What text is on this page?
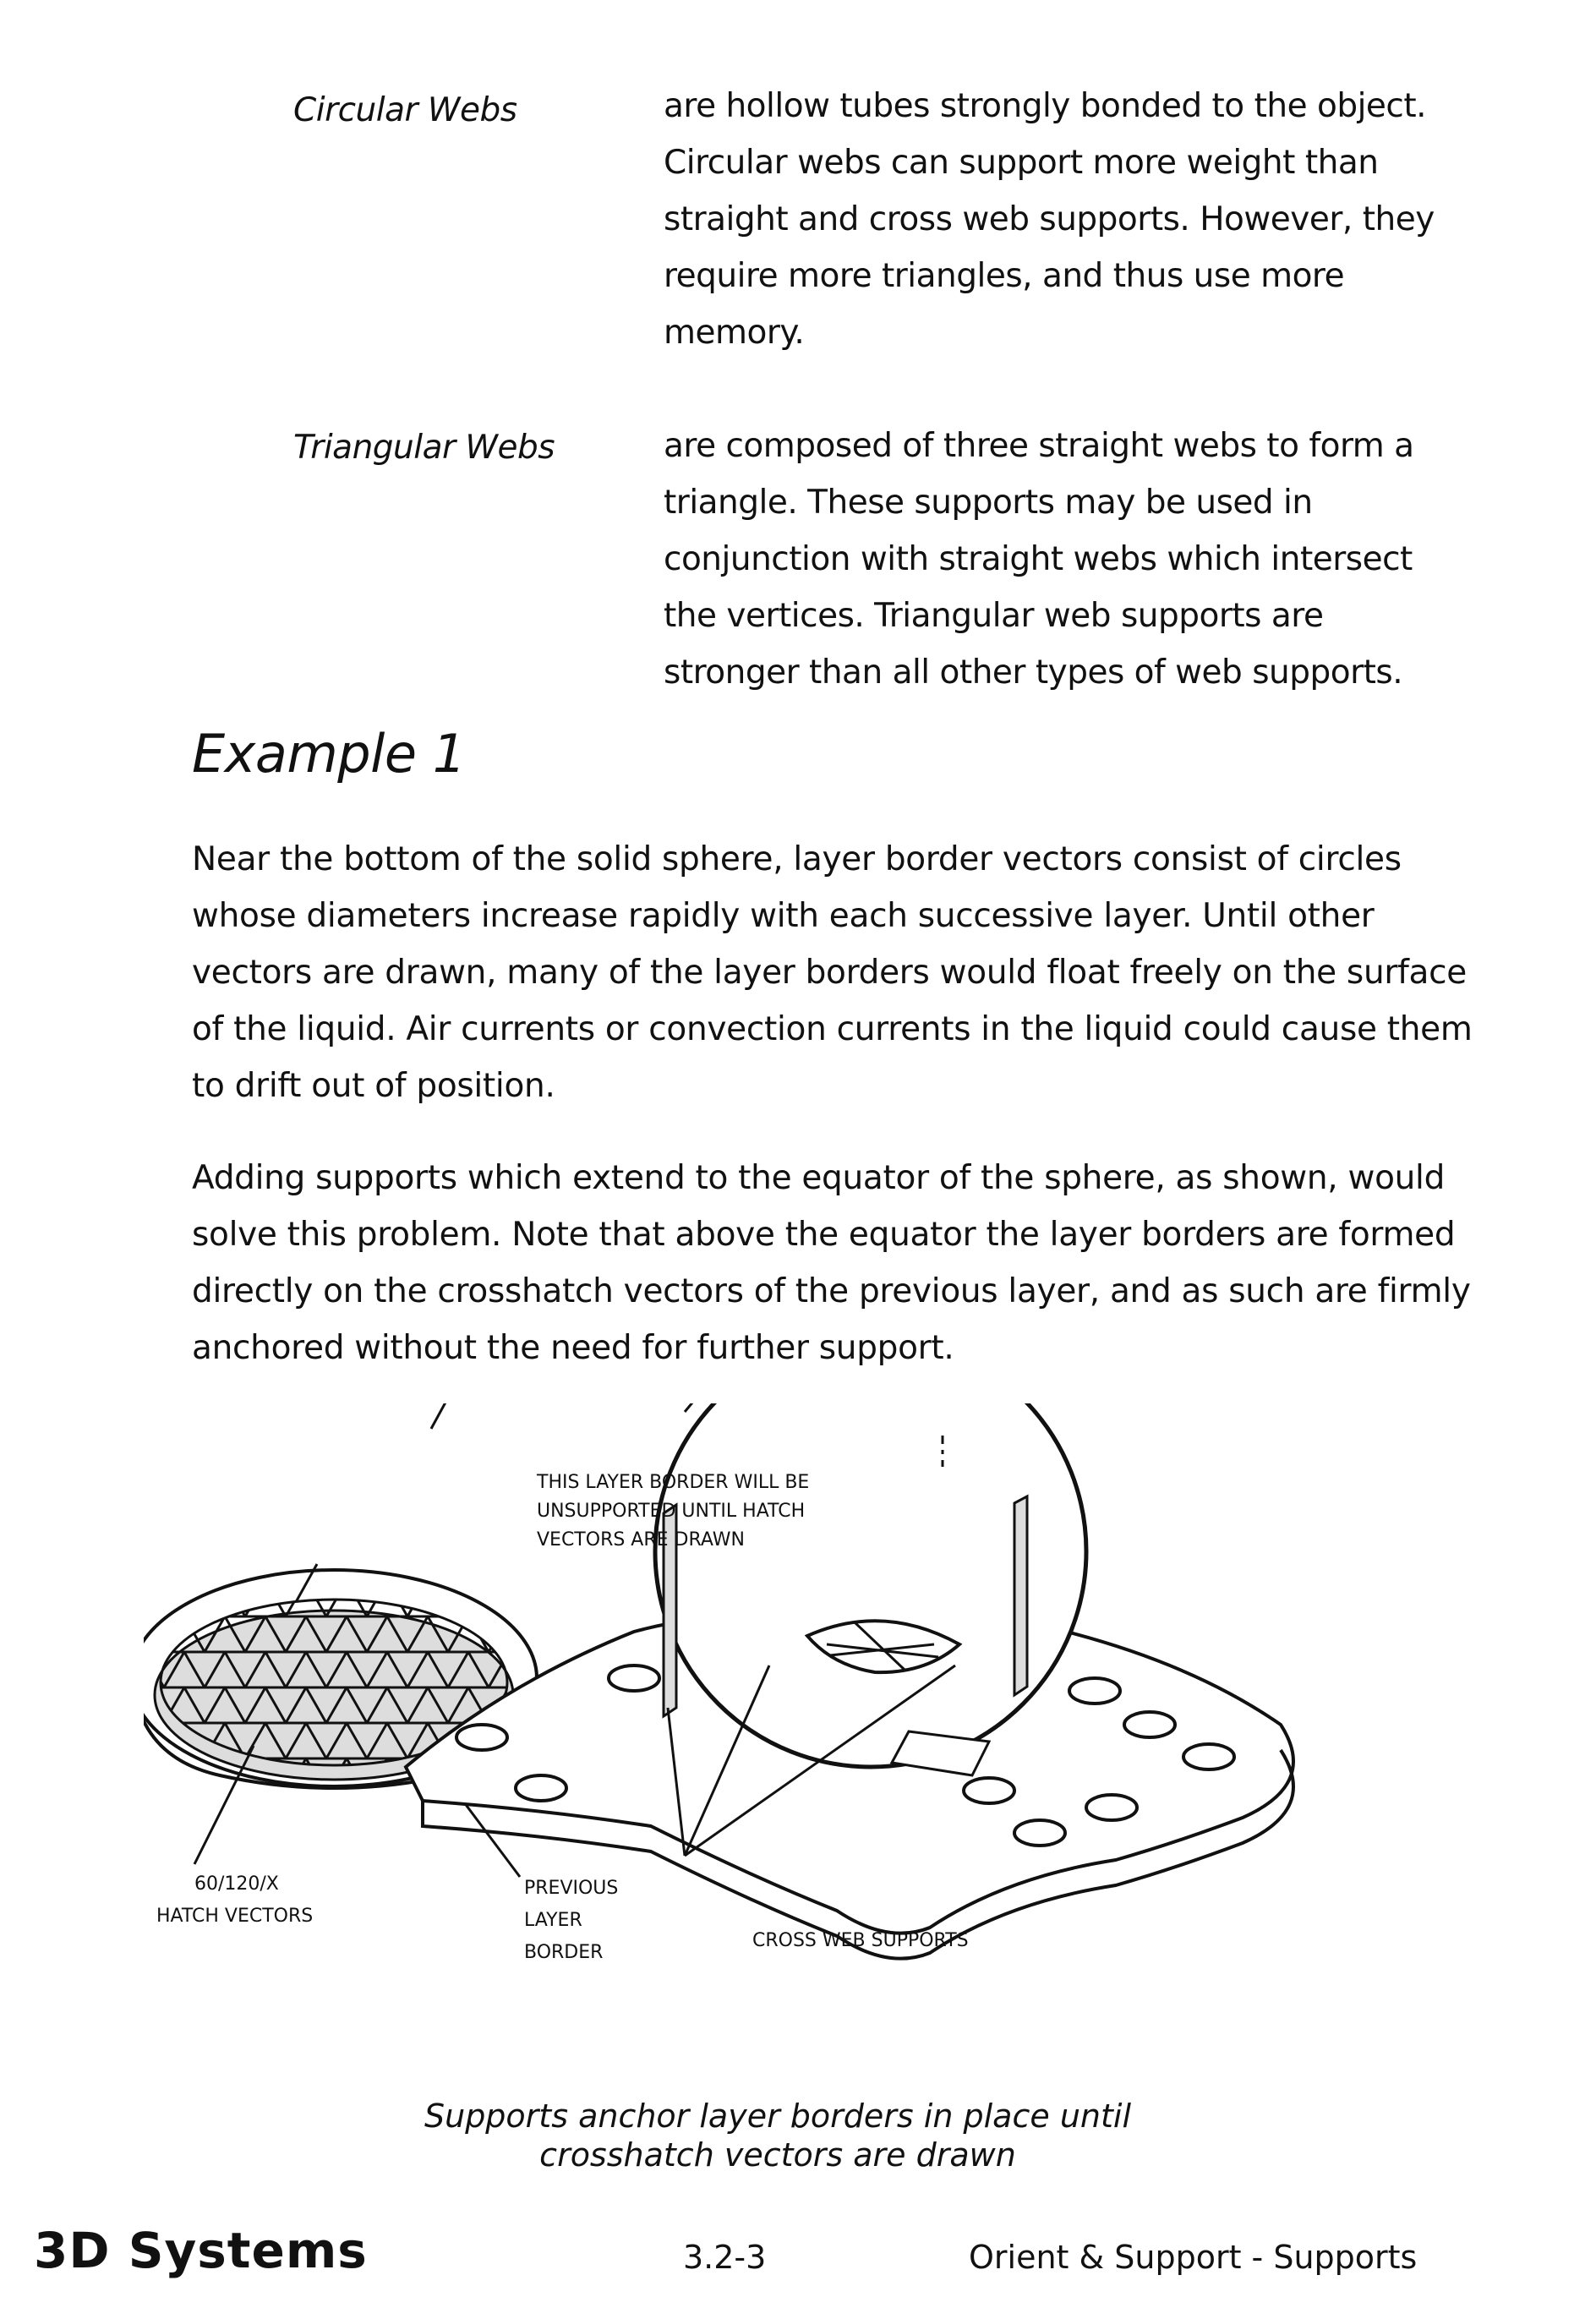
Circular Webs	are hollow tubes strongly bonded to the object.
Circular webs can support more weight than
straight and cross web supports. However, they
require more triangles, and thus use more
memory.
Triangular Webs	are composed of three straight webs to form a
triangle. These supports may be used in
conjunction with straight webs which intersect
the vertices. Triangular web supports are
stronger than all other types of web supports.
Example 1

Near the bottom of the solid sphere, layer border vectors consist of circles whose diameters increase rapidly with each successive layer. Until other vectors are drawn, many of the layer borders would float freely on the surface of the liquid. Air currents or convection currents in the liquid could cause them to drift out of position.

Adding supports which extend to the equator of the sphere, as shown, would solve this problem. Note that above the equator the layer borders are formed directly on the crosshatch vectors of the previous layer, and as such are firmly anchored without the need for further support.

THIS LAYER BORDER WILL BE UNSUPPORTED UNTIL HATCH VECTORS ARE DRAWN
60/120/X HATCH VECTORS
PREVIOUS LAYER BORDER
CROSS WEB SUPPORTS
Supports anchor layer borders in place until
crosshatch vectors are drawn
3D Systems	3.2-3	Orient & Support - Supports
